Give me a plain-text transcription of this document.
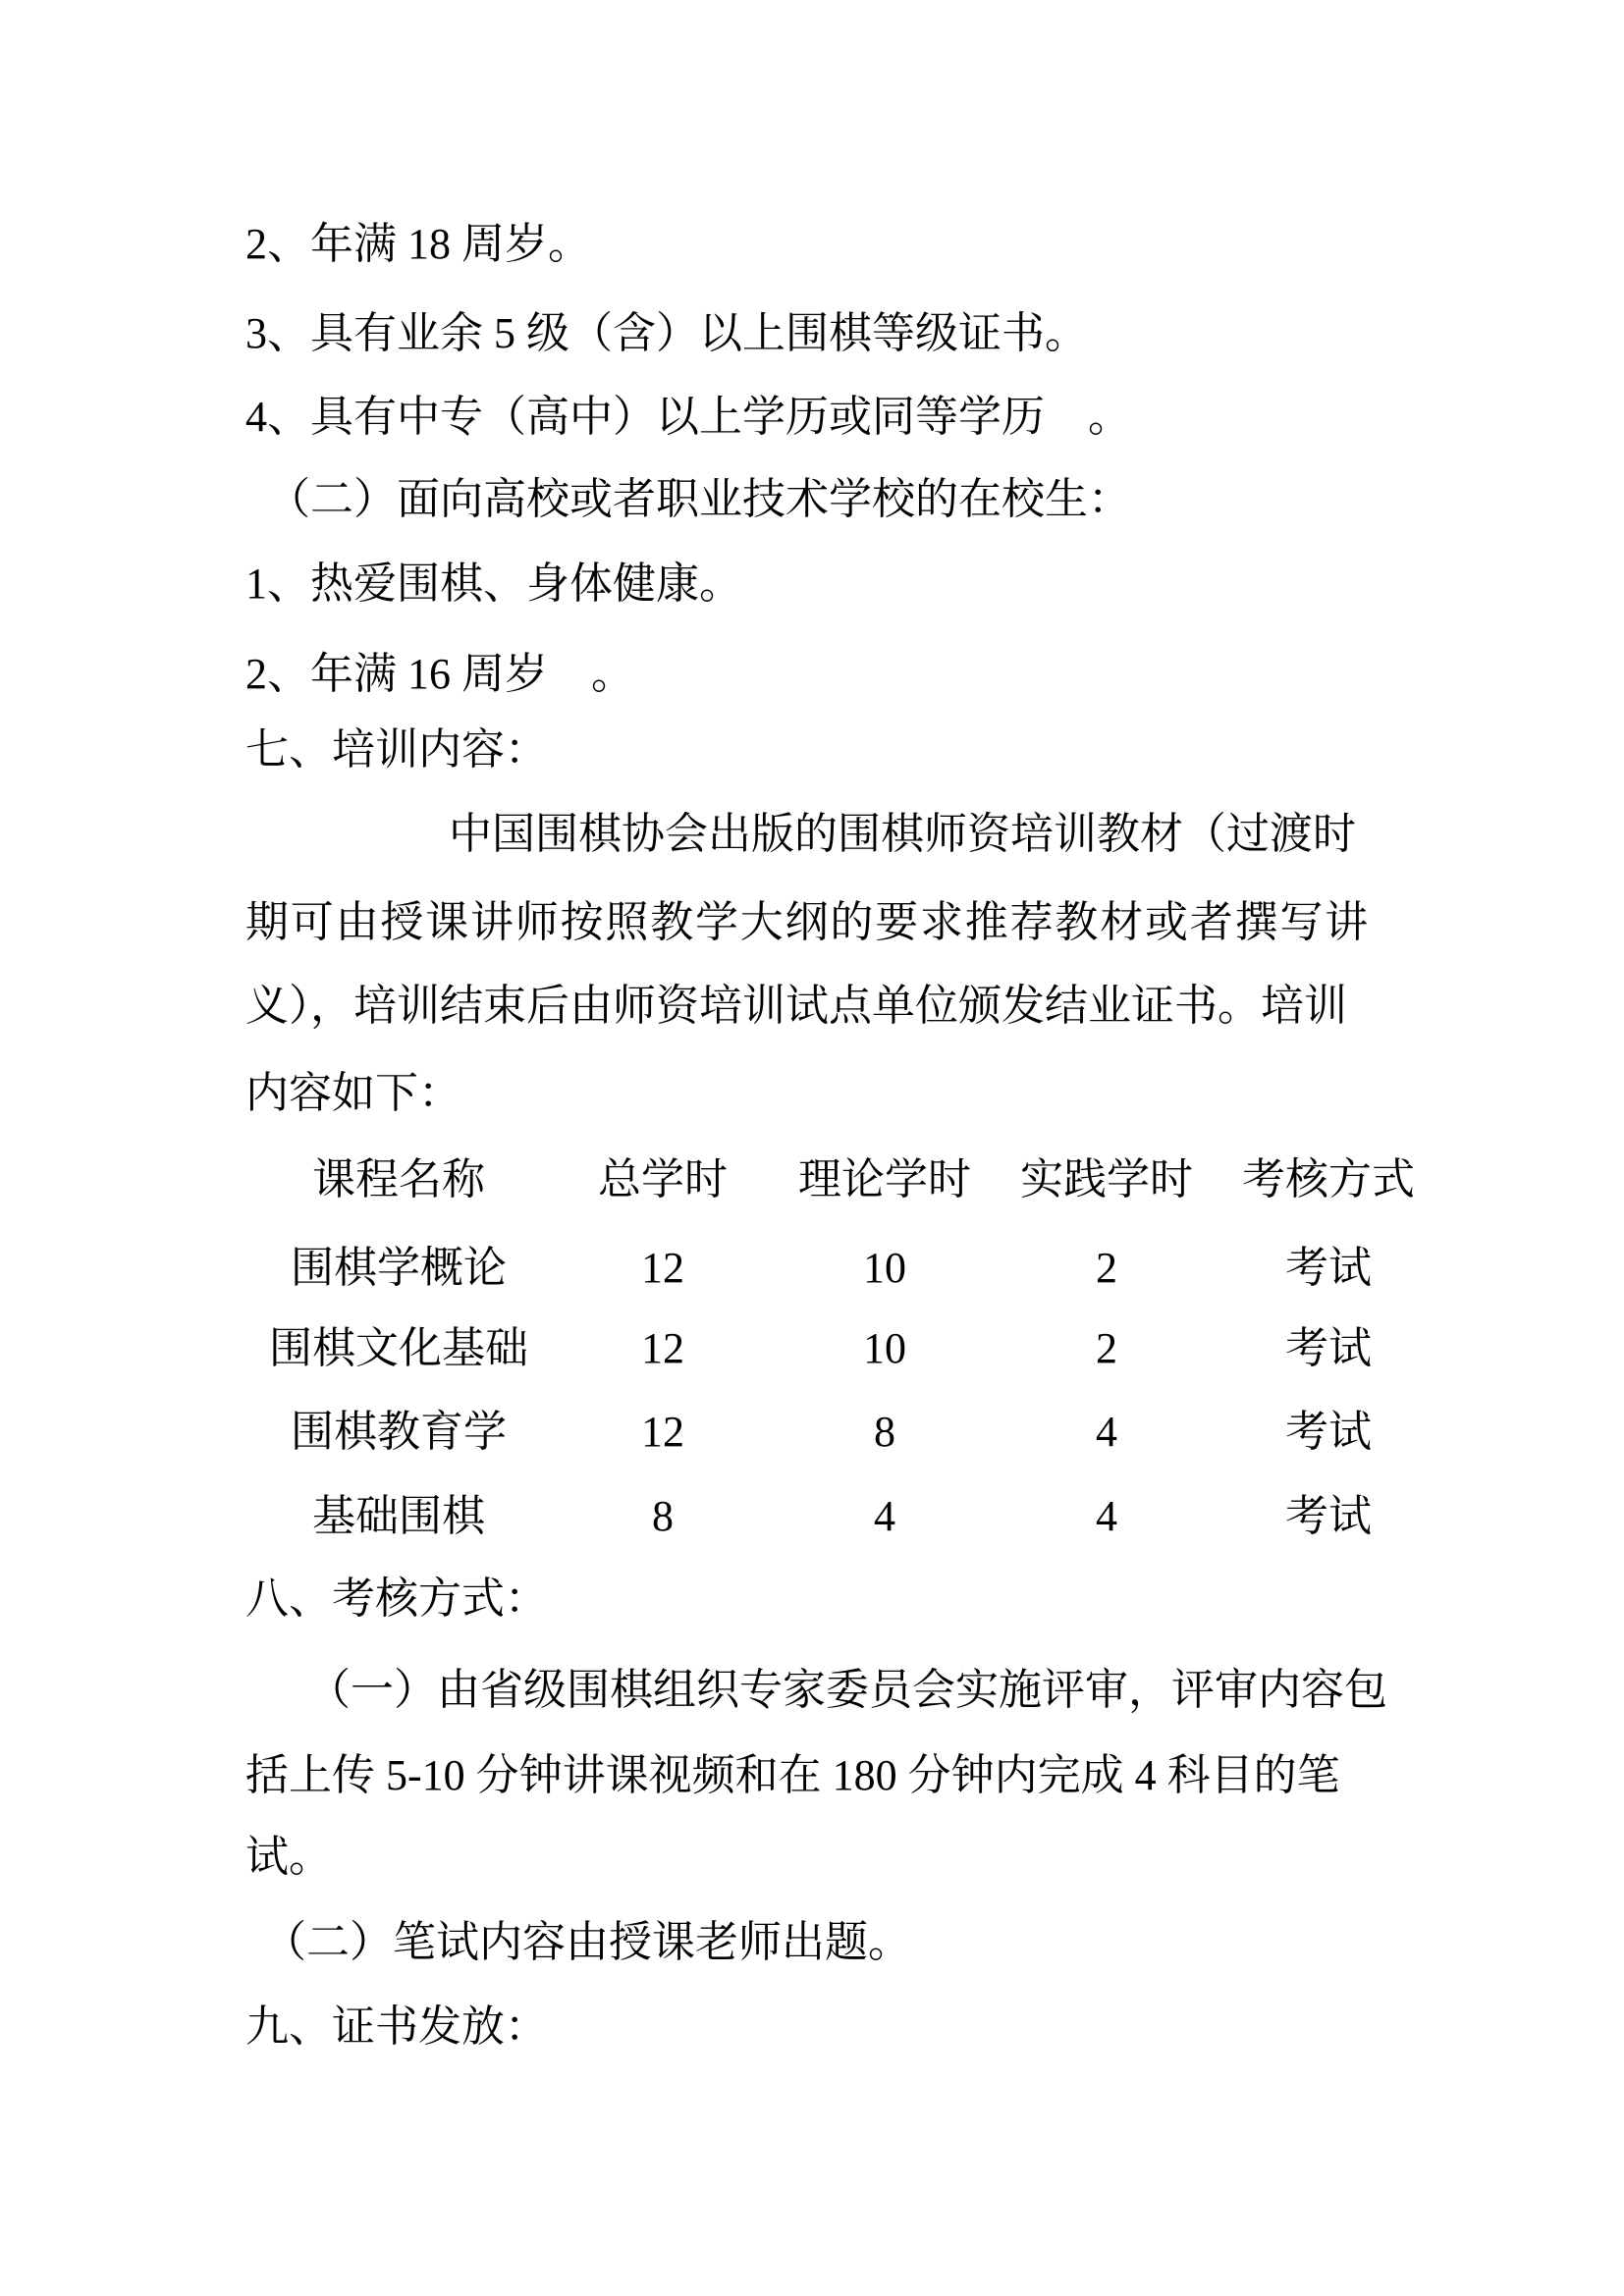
2、年满 18 周岁。
3、具有业余 5 级（含）以上围棋等级证书。
4、具有中专（高中）以上学历或同等学历　。
（二）面向高校或者职业技术学校的在校生：
1、热爱围棋、身体健康。
2、年满 16 周岁　。
七、培训内容：
中国围棋协会出版的围棋师资培训教材（过渡时
期可由授课讲师按照教学大纲的要求推荐教材或者撰写讲
义），培训结束后由师资培训试点单位颁发结业证书。培训
内容如下：
课程名称	总学时	理论学时	实践学时	考核方式
围棋学概论	12	10	2	考试
围棋文化基础	12	10	2	考试
围棋教育学	12	8	4	考试
基础围棋	8	4	4	考试
八、考核方式：
（一）由省级围棋组织专家委员会实施评审，评审内容包
括上传 5-10 分钟讲课视频和在 180 分钟内完成 4 科目的笔
试。
（二）笔试内容由授课老师出题。
九、证书发放：
